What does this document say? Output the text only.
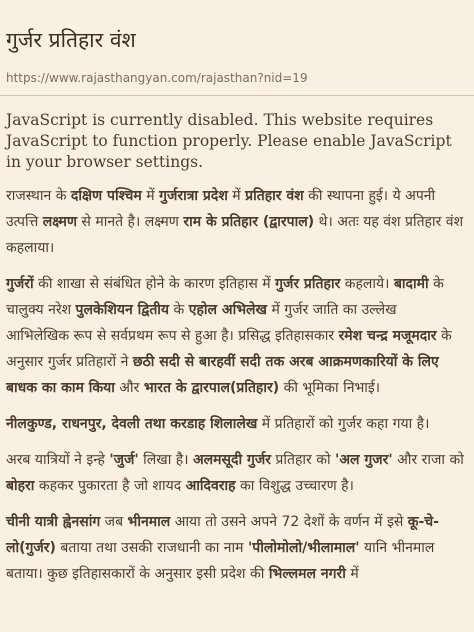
गुर्जर प्रतिहार वंश
https://www.rajasthangyan.com/rajasthan?nid=19
JavaScript is currently disabled. This website requires JavaScript to function properly. Please enable JavaScript in your browser settings.

राजस्थान के दक्षिण पश्चिम में गुर्जरात्रा प्रदेश में प्रतिहार वंश की स्थापना हुई। ये अपनी उत्पत्ति लक्ष्मण से मानते है। लक्ष्मण राम के प्रतिहार (द्वारपाल) थे। अतः यह वंश प्रतिहार वंश कहलाया।

गुर्जरों की शाखा से संबंधित होने के कारण इतिहास में गुर्जर प्रतिहार कहलाये। बादामी के चालुक्य नरेश पुलकेशियन द्वितीय के एहोल अभिलेख में गुर्जर जाति का उल्लेख आभिलेखिक रूप से सर्वप्रथम रूप से हुआ है। प्रसिद्ध इतिहासकार रमेश चन्द्र मजूमदार के अनुसार गुर्जर प्रतिहारों ने छठी सदी से बारहवीं सदी तक अरब आक्रमणकारियों के लिए बाधक का काम किया और भारत के द्वारपाल(प्रतिहार) की भूमिका निभाई।

नीलकुण्ड, राधनपुर, देवली तथा करडाह शिलालेख में प्रतिहारों को गुर्जर कहा गया है।

अरब यात्रियों ने इन्हे 'जुर्ज' लिखा है। अलमसूदी गुर्जर प्रतिहार को 'अल गुजर' और राजा को बोहरा कहकर पुकारता है जो शायद आदिवराह का विशुद्ध उच्चारण है।

चीनी यात्री ह्वेनसांग जब भीनमाल आया तो उसने अपने 72 देशों के वर्णन में इसे कू-चे-लो(गुर्जर) बताया तथा उसकी राजधानी का नाम 'पीलोमोलो/भीलामाल' यानि भीनमाल बताया। कुछ इतिहासकारों के अनुसार इसी प्रदेश की भिल्लमल नगरी में
